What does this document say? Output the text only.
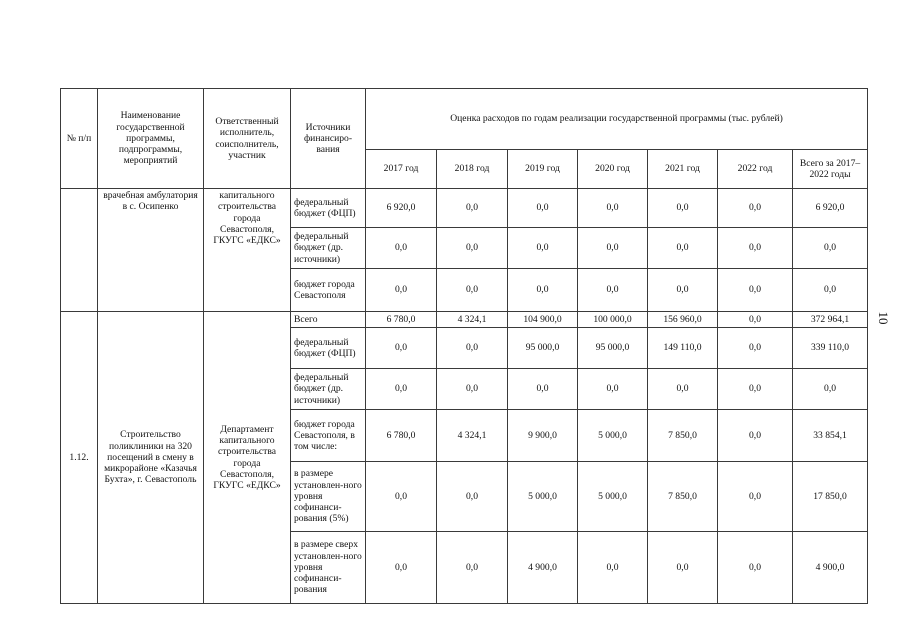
10
№ п/п	Наименование государственной программы, подпрограммы, мероприятий	Ответственный исполнитель, соисполнитель, участник	Источники финансиро-вания	Оценка расходов по годам реализации государственной программы (тыс. рублей)						
				2017 год	2018 год	2019 год	2020 год	2021 год	2022 год	Всего за 2017–2022 годы
	врачебная амбулатория в с. Осипенко	капитального строительства города Севастополя, ГКУГС «ЕДКС»	федеральный бюджет (ФЦП)	6 920,0	0,0	0,0	0,0	0,0	0,0	6 920,0
			федеральный бюджет (др. источники)	0,0	0,0	0,0	0,0	0,0	0,0	0,0
			бюджет города Севастополя	0,0	0,0	0,0	0,0	0,0	0,0	0,0
1.12.	Строительство поликлиники на 320 посещений в смену в микрорайоне «Казачья Бухта», г. Севастополь	Департамент капитального строительства города Севастополя, ГКУГС «ЕДКС»	Всего	6 780,0	4 324,1	104 900,0	100 000,0	156 960,0	0,0	372 964,1
			федеральный бюджет (ФЦП)	0,0	0,0	95 000,0	95 000,0	149 110,0	0,0	339 110,0
			федеральный бюджет (др. источники)	0,0	0,0	0,0	0,0	0,0	0,0	0,0
			бюджет города Севастополя, в том числе:	6 780,0	4 324,1	9 900,0	5 000,0	7 850,0	0,0	33 854,1
			в размере установлен-ного уровня софинанси-рования (5%)	0,0	0,0	5 000,0	5 000,0	7 850,0	0,0	17 850,0
			в размере сверх установлен-ного уровня софинанси-рования	0,0	0,0	4 900,0	0,0	0,0	0,0	4 900,0
